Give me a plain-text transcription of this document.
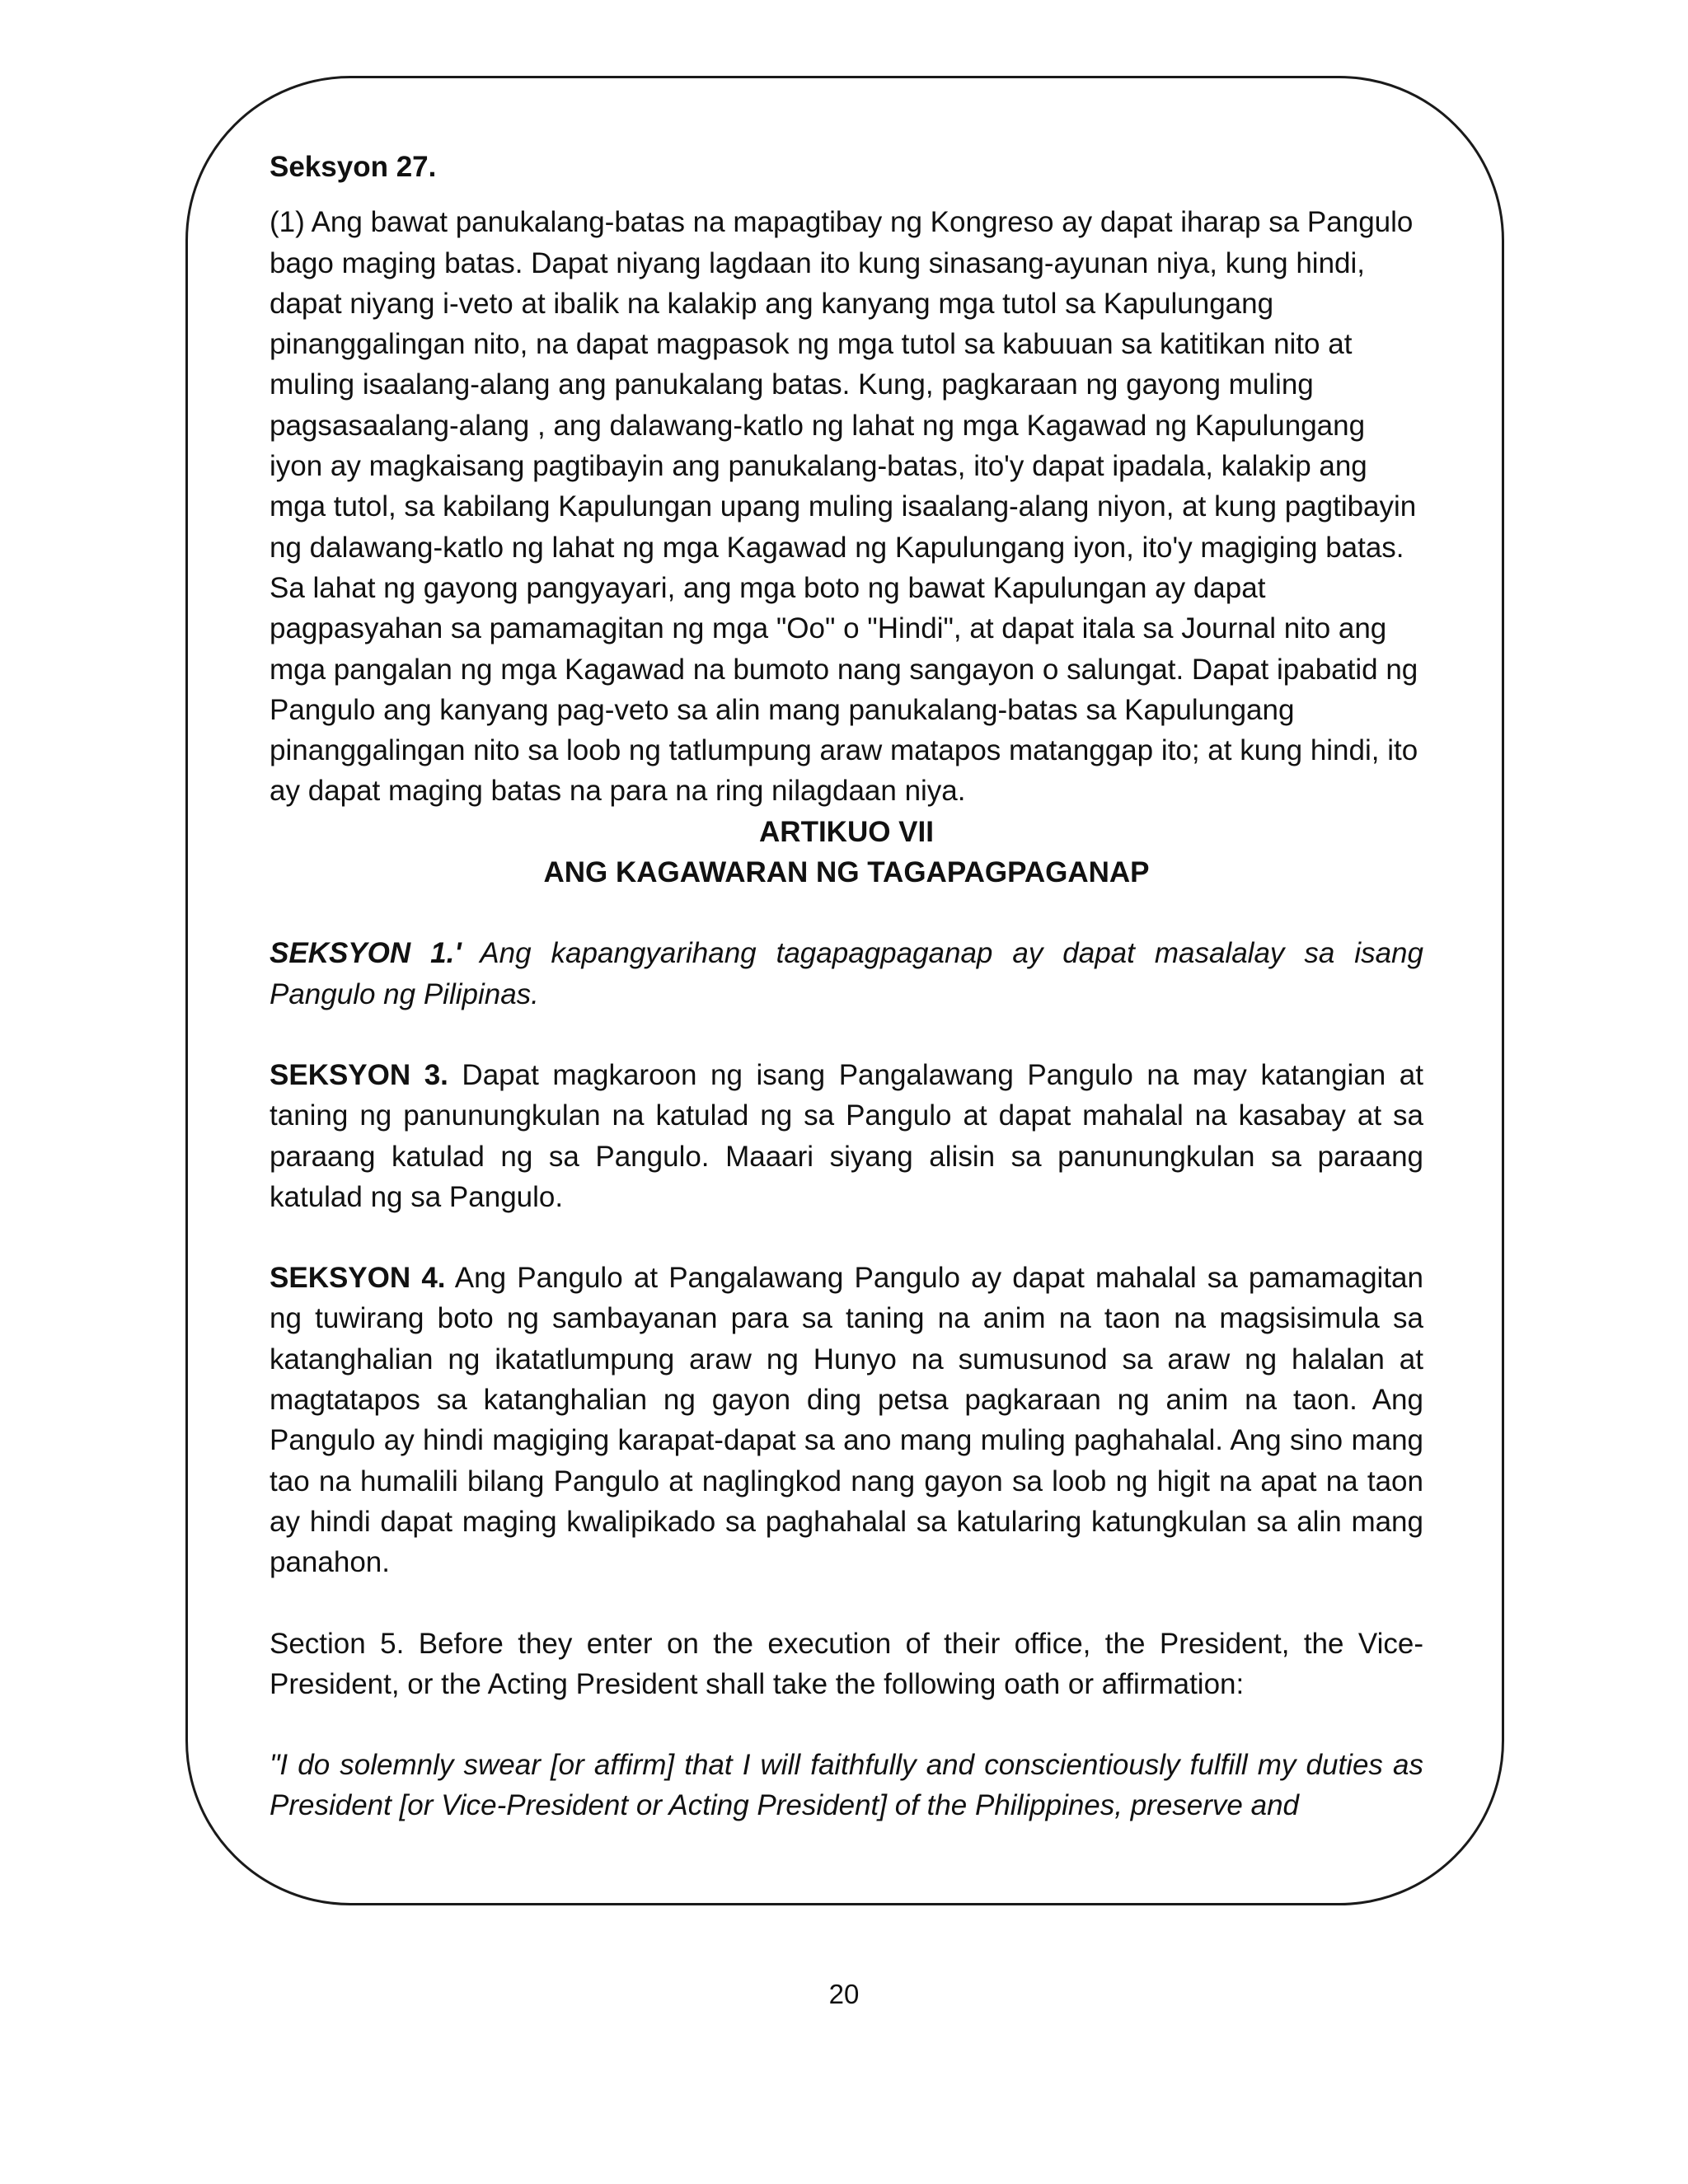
Seksyon 27.

(1) Ang bawat panukalang-batas na mapagtibay ng Kongreso ay dapat iharap sa Pangulo bago maging batas. Dapat niyang lagdaan ito kung sinasang-ayunan niya, kung hindi, dapat niyang i-veto at ibalik na kalakip ang kanyang mga tutol sa Kapulungang pinanggalingan nito, na dapat magpasok ng mga tutol sa kabuuan sa katitikan nito at muling isaalang-alang ang panukalang batas. Kung, pagkaraan ng gayong muling pagsasaalang-alang , ang dalawang-katlo ng lahat ng mga Kagawad ng Kapulungang iyon ay magkaisang pagtibayin ang panukalang-batas, ito'y dapat ipadala, kalakip ang mga tutol, sa kabilang Kapulungan upang muling isaalang-alang niyon, at kung pagtibayin ng dalawang-katlo ng lahat ng mga Kagawad ng Kapulungang iyon, ito'y magiging batas. Sa lahat ng gayong pangyayari, ang mga boto ng bawat Kapulungan ay dapat pagpasyahan sa pamamagitan ng mga "Oo" o "Hindi", at dapat itala sa Journal nito ang mga pangalan ng mga Kagawad na bumoto nang sangayon o salungat. Dapat ipabatid ng Pangulo ang kanyang pag-veto sa alin mang panukalang-batas sa Kapulungang pinanggalingan nito sa loob ng tatlumpung araw matapos matanggap ito; at kung hindi, ito ay dapat maging batas na para na ring nilagdaan niya.

ARTIKUO VII

ANG KAGAWARAN NG TAGAPAGPAGANAP

SEKSYON 1.' Ang kapangyarihang tagapagpaganap ay dapat masalalay sa isang Pangulo ng Pilipinas.

SEKSYON 3. Dapat magkaroon ng isang Pangalawang Pangulo na may katangian at taning ng panunungkulan na katulad ng sa Pangulo at dapat mahalal na kasabay at sa paraang katulad ng sa Pangulo. Maaari siyang alisin sa panunungkulan sa paraang katulad ng sa Pangulo.

SEKSYON 4. Ang Pangulo at Pangalawang Pangulo ay dapat mahalal sa pamamagitan ng tuwirang boto ng sambayanan para sa taning na anim na taon na magsisimula sa katanghalian ng ikatatlumpung araw ng Hunyo na sumusunod sa araw ng halalan at magtatapos sa katanghalian ng gayon ding petsa pagkaraan ng anim na taon. Ang Pangulo ay hindi magiging karapat-dapat sa ano mang muling paghahalal. Ang sino mang tao na humalili bilang Pangulo at naglingkod nang gayon sa loob ng higit na apat na taon ay hindi dapat maging kwalipikado sa paghahalal sa katularing katungkulan sa alin mang panahon.

Section 5. Before they enter on the execution of their office, the President, the Vice-President, or the Acting President shall take the following oath or affirmation:

"I do solemnly swear [or affirm] that I will faithfully and conscientiously fulfill my duties as President [or Vice-President or Acting President] of the Philippines, preserve and

20
